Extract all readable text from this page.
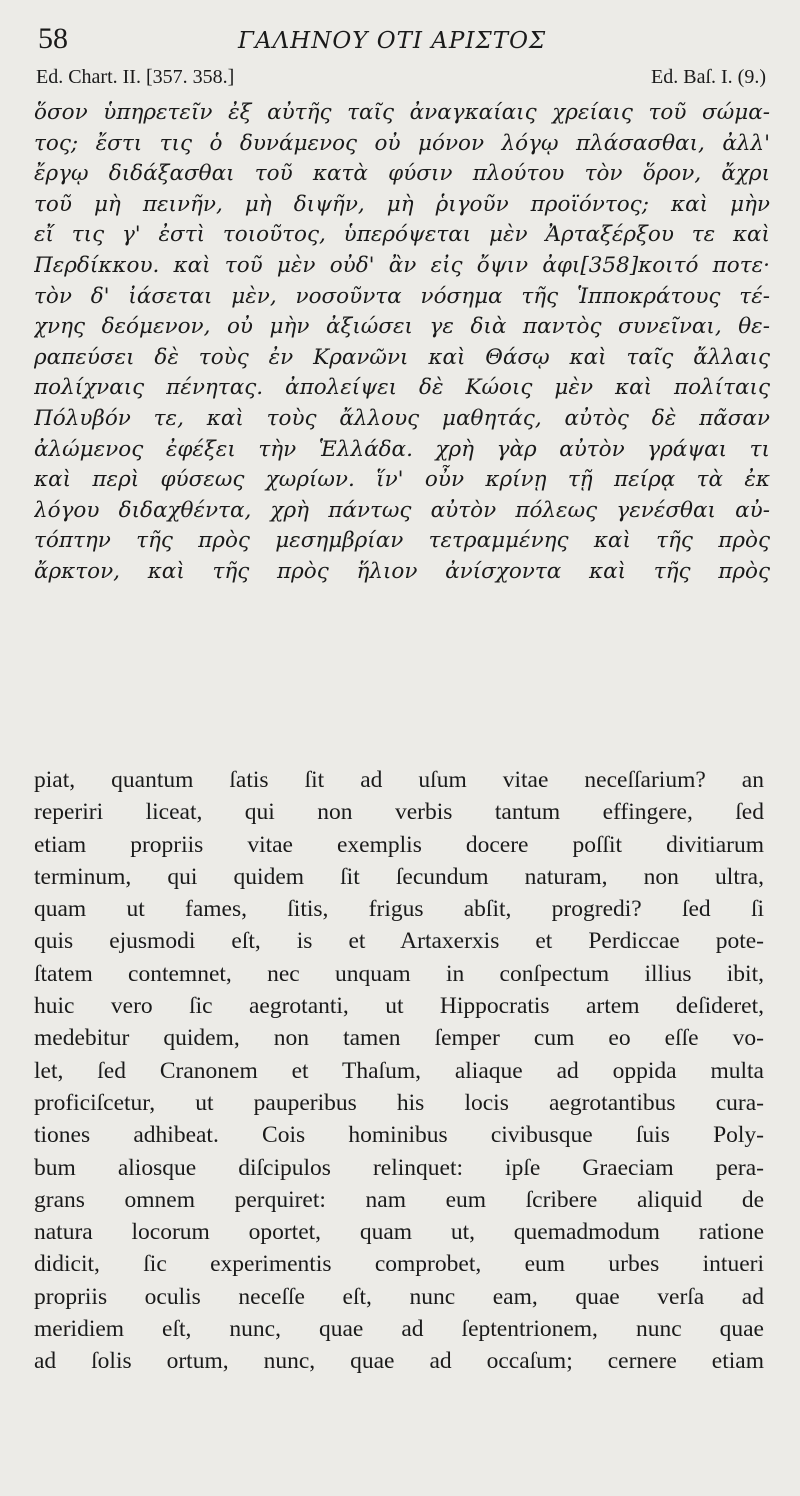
58	ΓΑΛΗΝΟΥ ΟΤΙ ΑΡΙΣΤΟΣ
Ed. Chart. II. [357. 358.]	Ed. Baſ. I. (9.)
ὅσον ὑπηρετεῖν ἐξ αὐτῆς ταῖς ἀναγκαίαις χρείαις τοῦ σώμα-
τος; ἔστι τις ὁ δυνάμενος οὐ μόνον λόγῳ πλάσασθαι, ἀλλ'
ἔργῳ διδάξασθαι τοῦ κατὰ φύσιν πλούτου τὸν ὅρον, ἄχρι
τοῦ μὴ πεινῆν, μὴ διψῆν, μὴ ῥιγοῦν προϊόντος; καὶ μὴν
εἴ τις γ' ἐστὶ τοιοῦτος, ὑπερόψεται μὲν Ἀρταξέρξου τε καὶ
Περδίκκου. καὶ τοῦ μὲν οὐδ' ἂν εἰς ὄψιν ἀφι[358]κοιτό ποτε·
τὸν δ' ἰάσεται μὲν, νοσοῦντα νόσημα τῆς Ἱπποκράτους τέ-
χνης δεόμενον, οὐ μὴν ἀξιώσει γε διὰ παντὸς συνεῖναι, θε-
ραπεύσει δὲ τοὺς ἐν Κρανῶνι καὶ Θάσῳ καὶ ταῖς ἄλλαις
πολίχναις πένητας. ἀπολείψει δὲ Κώοις μὲν καὶ πολίταις
Πόλυβόν τε, καὶ τοὺς ἄλλους μαθητάς, αὐτὸς δὲ πᾶσαν
ἀλώμενος ἐφέξει τὴν Ἑλλάδα. χρὴ γὰρ αὐτὸν γράψαι τι
καὶ περὶ φύσεως χωρίων. ἵν' οὖν κρίνῃ τῇ πείρᾳ τὰ ἐκ
λόγου διδαχθέντα, χρὴ πάντως αὐτὸν πόλεως γενέσθαι αὐ-
τόπτην τῆς πρὸς μεσημβρίαν τετραμμένης καὶ τῆς πρὸς
ἄρκτον, καὶ τῆς πρὸς ἥλιον ἀνίσχοντα καὶ τῆς πρὸς
piat, quantum ſatis ſit ad uſum vitae neceſſarium? an
reperiri liceat, qui non verbis tantum effingere, ſed
etiam propriis vitae exemplis docere poſſit divitiarum
terminum, qui quidem ſit ſecundum naturam, non ultra,
quam ut fames, ſitis, frigus abſit, progredi? ſed ſi
quis ejusmodi eſt, is et Artaxerxis et Perdiccae pote-
ſtatem contemnet, nec unquam in conſpectum illius ibit,
huic vero ſic aegrotanti, ut Hippocratis artem deſideret,
medebitur quidem, non tamen ſemper cum eo eſſe vo-
let, ſed Cranonem et Thaſum, aliaque ad oppida multa
proficiſcetur, ut pauperibus his locis aegrotantibus cura-
tiones adhibeat. Cois hominibus civibusque ſuis Poly-
bum aliosque diſcipulos relinquet: ipſe Graeciam pera-
grans omnem perquiret: nam eum ſcribere aliquid de
natura locorum oportet, quam ut, quemadmodum ratione
didicit, ſic experimentis comprobet, eum urbes intueri
propriis oculis neceſſe eſt, nunc eam, quae verſa ad
meridiem eſt, nunc, quae ad ſeptentrionem, nunc quae
ad ſolis ortum, nunc, quae ad occaſum; cernere etiam
